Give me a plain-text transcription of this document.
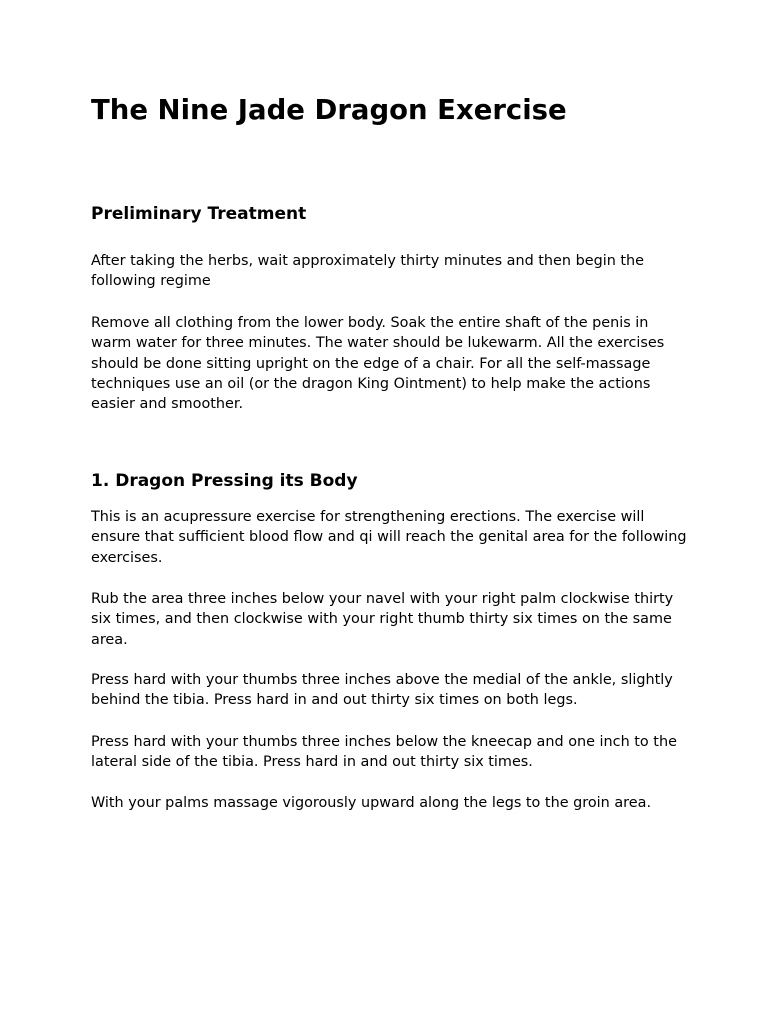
The Nine Jade Dragon Exercise
Preliminary Treatment

After taking the herbs, wait approximately thirty minutes and then begin the following regime

Remove all clothing from the lower body. Soak the entire shaft of the penis in warm water for three minutes. The water should be lukewarm. All the exercises should be done sitting upright on the edge of a chair. For all the self-massage techniques use an oil (or the dragon King Ointment) to help make the actions easier and smoother.

1. Dragon Pressing its Body

This is an acupressure exercise for strengthening erections. The exercise will ensure that sufficient blood flow and qi will reach the genital area for the following exercises.

Rub the area three inches below your navel with your right palm clockwise thirty six times, and then clockwise with your right thumb thirty six times on the same area.

Press hard with your thumbs three inches above the medial of the ankle, slightly behind the tibia. Press hard in and out thirty six times on both legs.

Press hard with your thumbs three inches below the kneecap and one inch to the lateral side of the tibia. Press hard in and out thirty six times.

With your palms massage vigorously upward along the legs to the groin area.
